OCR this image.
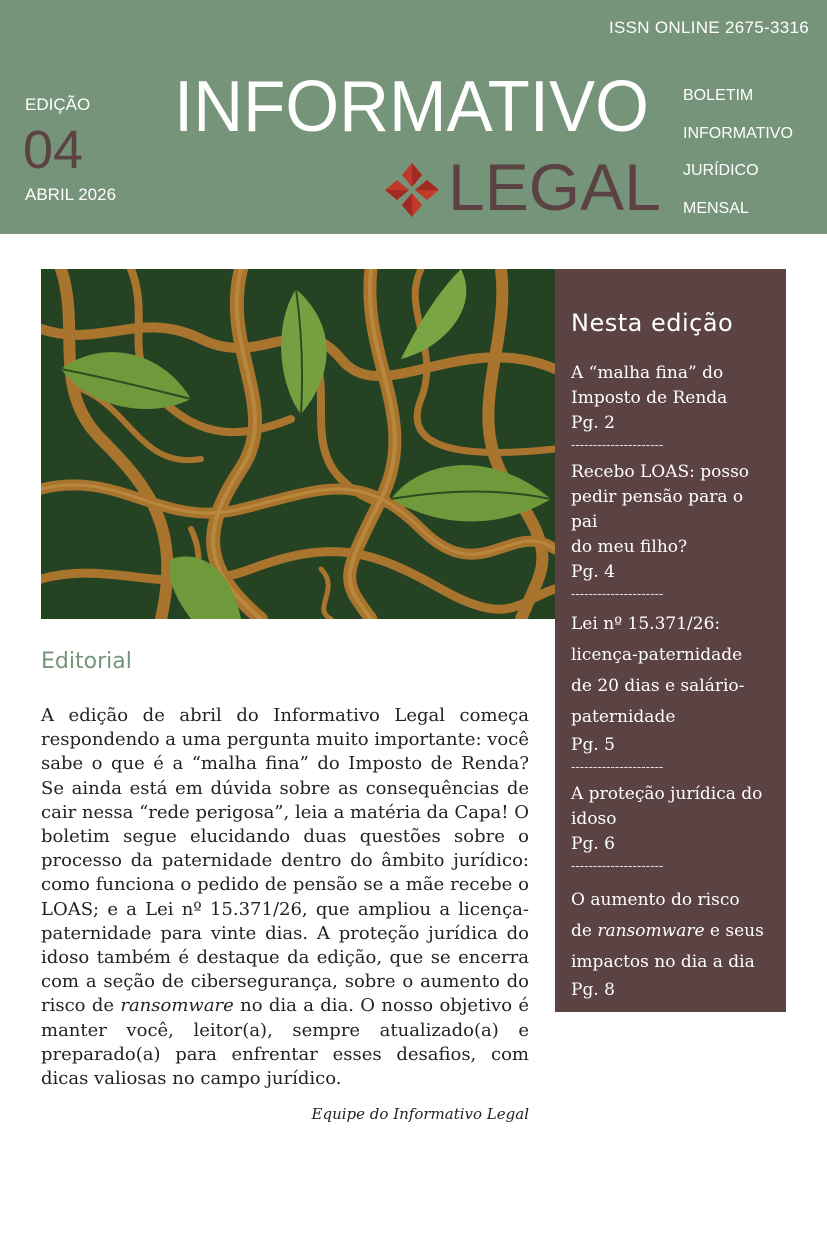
ISSN ONLINE 2675-3316
EDIÇÃO
04
ABRIL 2026
INFORMATIVO
LEGAL
BOLETIM
INFORMATIVO
JURÍDICO
MENSAL
Nesta edição
A “malha fina” do
Imposto de Renda
Pg. 2
---------------------
Recebo LOAS: posso
pedir pensão para o pai
do meu filho?
Pg. 4
---------------------
Lei nº 15.371/26:
licença-paternidade
de 20 dias e salário-
paternidade
Pg. 5
---------------------
A proteção jurídica do
idoso
Pg. 6
---------------------
O aumento do risco
de ransomware e seus
impactos no dia a dia
Pg. 8
Editorial
A edição de abril do Informativo Legal começa respondendo a uma pergunta muito importante: você sabe o que é a “malha fina” do Imposto de Renda? Se ainda está em dúvida sobre as consequências de cair nessa “rede perigosa”, leia a matéria da Capa! O boletim segue elucidando duas questões sobre o processo da paternidade dentro do âmbito jurídico: como funciona o pedido de pensão se a mãe recebe o LOAS; e a Lei nº 15.371/26, que ampliou a licença-paternidade para vinte dias. A proteção jurídica do idoso também é destaque da edição, que se encerra com a seção de cibersegurança, sobre o aumento do risco de ransomware no dia a dia. O nosso objetivo é manter você, leitor(a), sempre atualizado(a) e preparado(a) para enfrentar esses desafios, com dicas valiosas no campo jurídico.
Equipe do Informativo Legal
